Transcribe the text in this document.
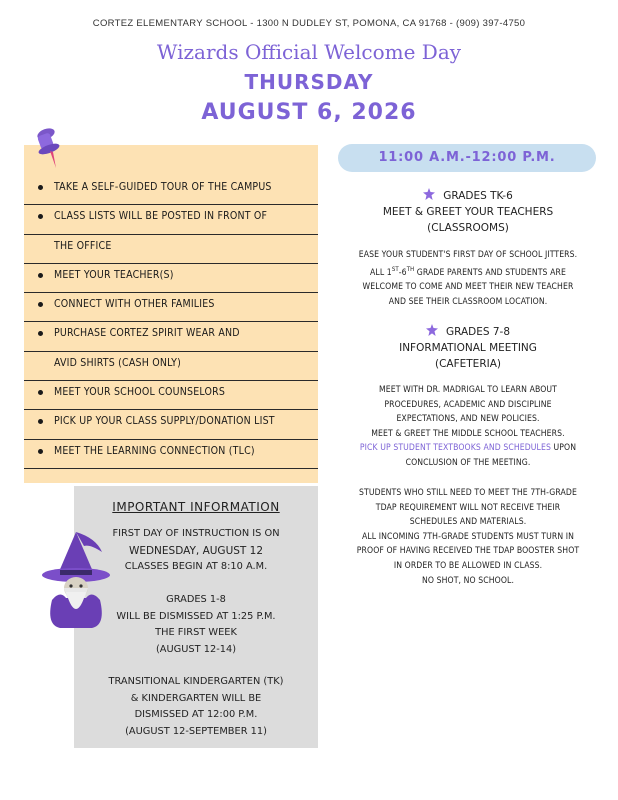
CORTEZ ELEMENTARY SCHOOL - 1300 N DUDLEY ST, POMONA, CA 91768 - (909) 397-4750
Wizards Official Welcome Day
THURSDAY
AUGUST 6, 2026
TAKE A SELF-GUIDED TOUR OF THE CAMPUS
CLASS LISTS WILL BE POSTED IN FRONT OF
THE OFFICE
MEET YOUR TEACHER(S)
CONNECT WITH OTHER FAMILIES
PURCHASE CORTEZ SPIRIT WEAR AND
AVID SHIRTS (CASH ONLY)
MEET YOUR SCHOOL COUNSELORS
PICK UP YOUR CLASS SUPPLY/DONATION LIST
MEET THE LEARNING CONNECTION (TLC)
IMPORTANT INFORMATION
FIRST DAY OF INSTRUCTION IS ON
WEDNESDAY, AUGUST 12
CLASSES BEGIN AT 8:10 A.M.
GRADES 1-8
WILL BE DISMISSED AT 1:25 P.M.
THE FIRST WEEK
(AUGUST 12-14)
TRANSITIONAL KINDERGARTEN (TK)
& KINDERGARTEN WILL BE
DISMISSED AT 12:00 P.M.
(AUGUST 12-SEPTEMBER 11)
11:00 A.M.-12:00 P.M.
GRADES TK-6
MEET & GREET YOUR TEACHERS
(CLASSROOMS)
EASE YOUR STUDENT'S FIRST DAY OF SCHOOL JITTERS.
ALL 1ST-6TH GRADE PARENTS AND STUDENTS ARE
WELCOME TO COME AND MEET THEIR NEW TEACHER
AND SEE THEIR CLASSROOM LOCATION.
GRADES 7-8
INFORMATIONAL MEETING
(CAFETERIA)
MEET WITH DR. MADRIGAL TO LEARN ABOUT
PROCEDURES, ACADEMIC AND DISCIPLINE
EXPECTATIONS, AND NEW POLICIES.
MEET & GREET THE MIDDLE SCHOOL TEACHERS.
PICK UP STUDENT TEXTBOOKS AND SCHEDULES UPON
CONCLUSION OF THE MEETING.
STUDENTS WHO STILL NEED TO MEET THE 7TH-GRADE
TDAP REQUIREMENT WILL NOT RECEIVE THEIR
SCHEDULES AND MATERIALS.
ALL INCOMING 7TH-GRADE STUDENTS MUST TURN IN
PROOF OF HAVING RECEIVED THE TDAP BOOSTER SHOT
IN ORDER TO BE ALLOWED IN CLASS.
NO SHOT, NO SCHOOL.
